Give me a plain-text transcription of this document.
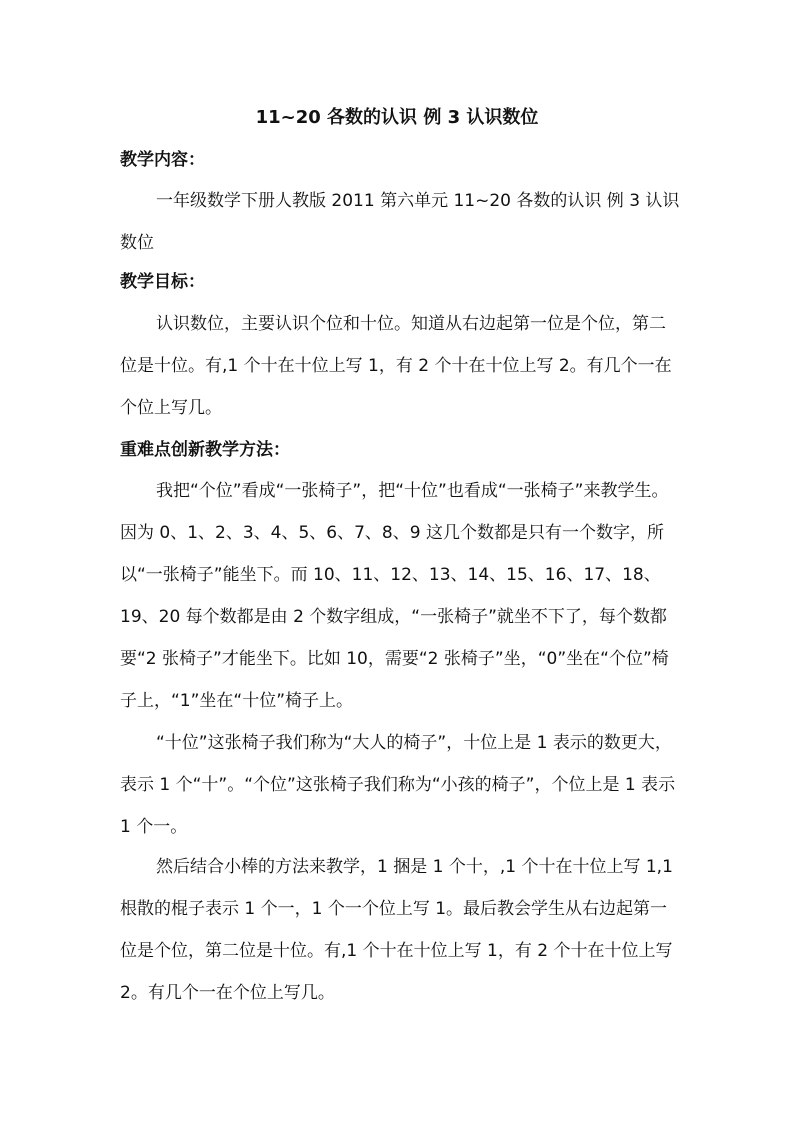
11~20 各数的认识 例 3 认识数位
教学内容：

一年级数学下册人教版 2011 第六单元 11~20 各数的认识 例 3 认识数位

教学目标：

认识数位，主要认识个位和十位。知道从右边起第一位是个位，第二位是十位。有,1 个十在十位上写 1，有 2 个十在十位上写 2。有几个一在个位上写几。

重难点创新教学方法：

我把“个位”看成“一张椅子”，把“十位”也看成“一张椅子”来教学生。因为 0、1、2、3、4、5、6、7、8、9 这几个数都是只有一个数字，所以“一张椅子”能坐下。而 10、11、12、13、14、15、16、17、18、19、20 每个数都是由 2 个数字组成，“一张椅子”就坐不下了，每个数都要“2 张椅子”才能坐下。比如 10，需要“2 张椅子”坐，“0”坐在“个位”椅子上，“1”坐在“十位”椅子上。

“十位”这张椅子我们称为“大人的椅子”，十位上是 1 表示的数更大，表示 1 个“十”。“个位”这张椅子我们称为“小孩的椅子”，个位上是 1 表示 1 个一。

然后结合小棒的方法来教学，1 捆是 1 个十，,1 个十在十位上写 1,1 根散的棍子表示 1 个一，1 个一个位上写 1。最后教会学生从右边起第一位是个位，第二位是十位。有,1 个十在十位上写 1，有 2 个十在十位上写 2。有几个一在个位上写几。
